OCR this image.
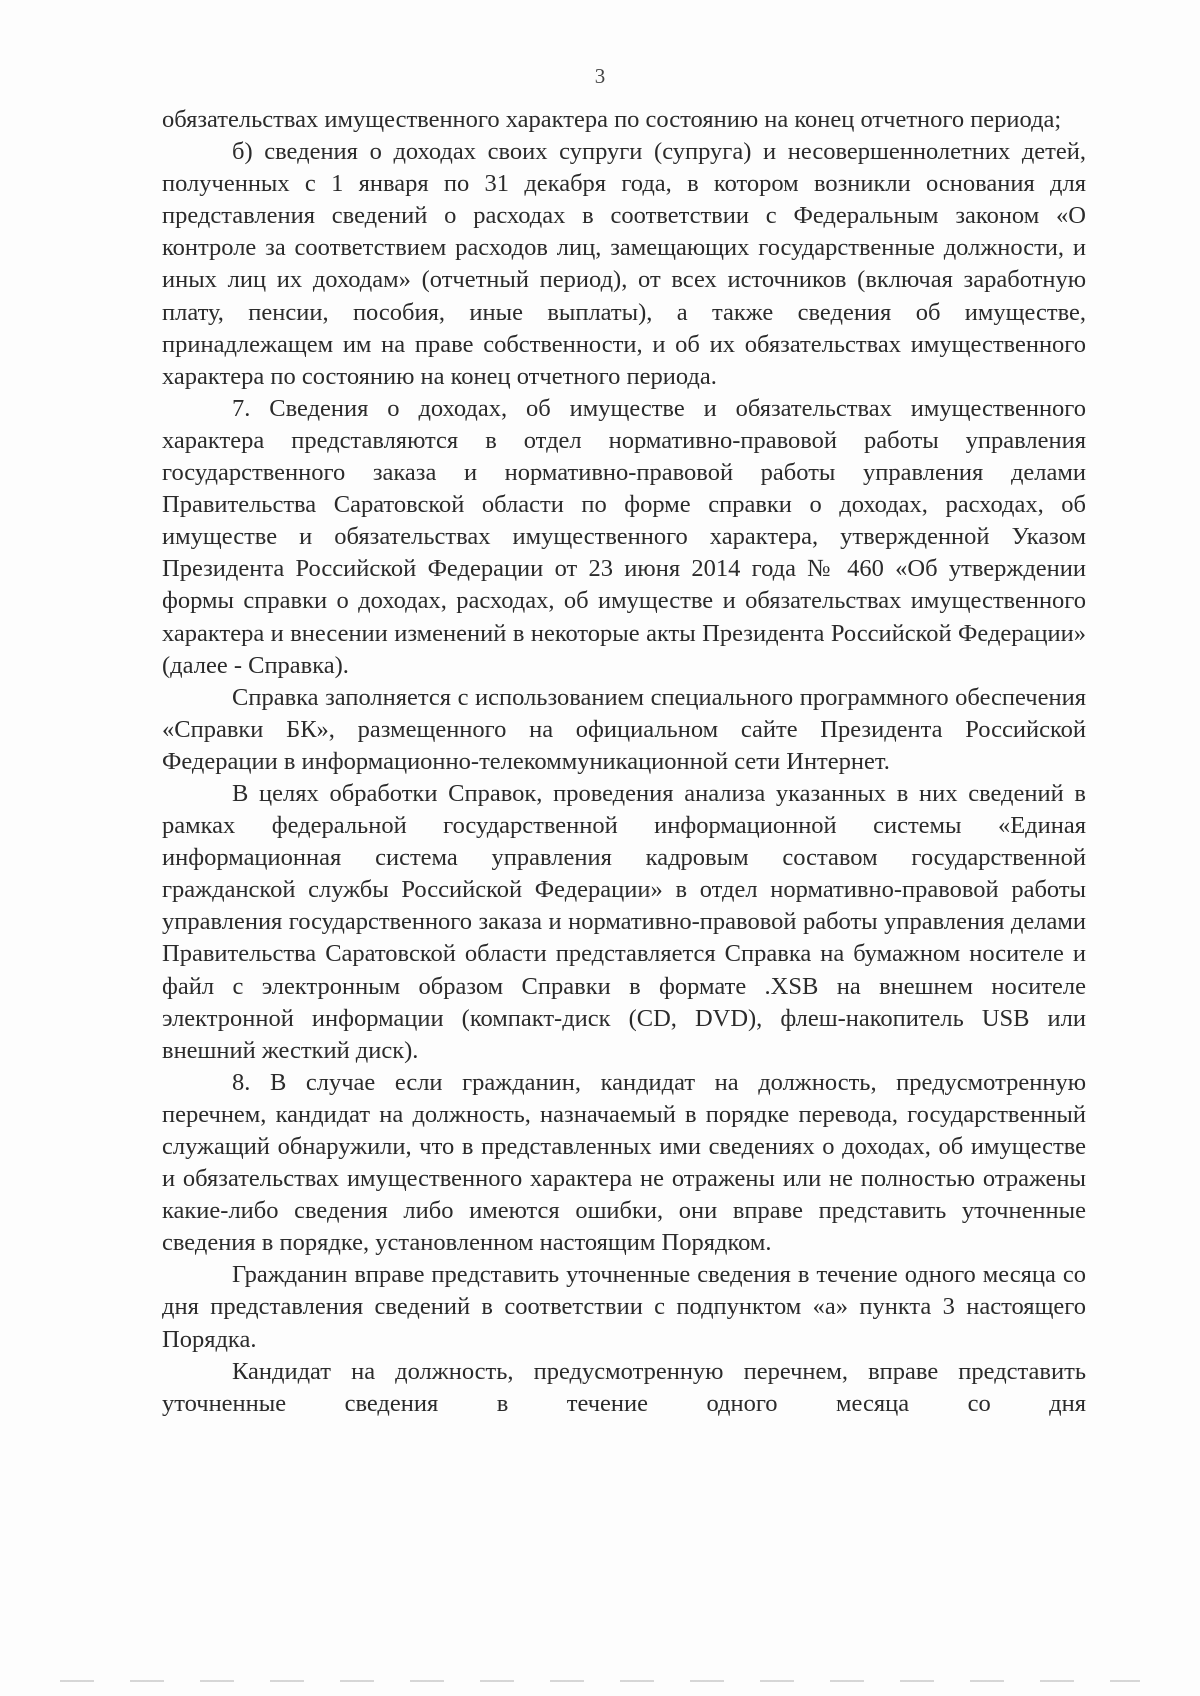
3

обязательствах имущественного характера по состоянию на конец отчетного периода;

б) сведения о доходах своих супруги (супруга) и несовершеннолетних детей, полученных с 1 января по 31 декабря года, в котором возникли основания для представления сведений о расходах в соответствии с Федеральным законом «О контроле за соответствием расходов лиц, замещающих государственные должности, и иных лиц их доходам» (отчетный период), от всех источников (включая заработную плату, пенсии, пособия, иные выплаты), а также сведения об имуществе, принадлежащем им на праве собственности, и об их обязательствах имущественного характера по состоянию на конец отчетного периода.

7. Сведения о доходах, об имуществе и обязательствах имущественного характера представляются в отдел нормативно-правовой работы управления государственного заказа и нормативно-правовой работы управления делами Правительства Саратовской области по форме справки о доходах, расходах, об имуществе и обязательствах имущественного характера, утвержденной Указом Президента Российской Федерации от 23 июня 2014 года № 460 «Об утверждении формы справки о доходах, расходах, об имуществе и обязательствах имущественного характера и внесении изменений в некоторые акты Президента Российской Федерации» (далее - Справка).

Справка заполняется с использованием специального программного обеспечения «Справки БК», размещенного на официальном сайте Президента Российской Федерации в информационно-телекоммуникационной сети Интернет.

В целях обработки Справок, проведения анализа указанных в них сведений в рамках федеральной государственной информационной системы «Единая информационная система управления кадровым составом государственной гражданской службы Российской Федерации» в отдел нормативно-правовой работы управления государственного заказа и нормативно-правовой работы управления делами Правительства Саратовской области представляется Справка на бумажном носителе и файл с электронным образом Справки в формате .XSB на внешнем носителе электронной информации (компакт-диск (CD, DVD), флеш-накопитель USB или внешний жесткий диск).

8. В случае если гражданин, кандидат на должность, предусмотренную перечнем, кандидат на должность, назначаемый в порядке перевода, государственный служащий обнаружили, что в представленных ими сведениях о доходах, об имуществе и обязательствах имущественного характера не отражены или не полностью отражены какие-либо сведения либо имеются ошибки, они вправе представить уточненные сведения в порядке, установленном настоящим Порядком.

Гражданин вправе представить уточненные сведения в течение одного месяца со дня представления сведений в соответствии с подпунктом «а» пункта 3 настоящего Порядка.

Кандидат на должность, предусмотренную перечнем, вправе представить уточненные сведения в течение одного месяца со дня
